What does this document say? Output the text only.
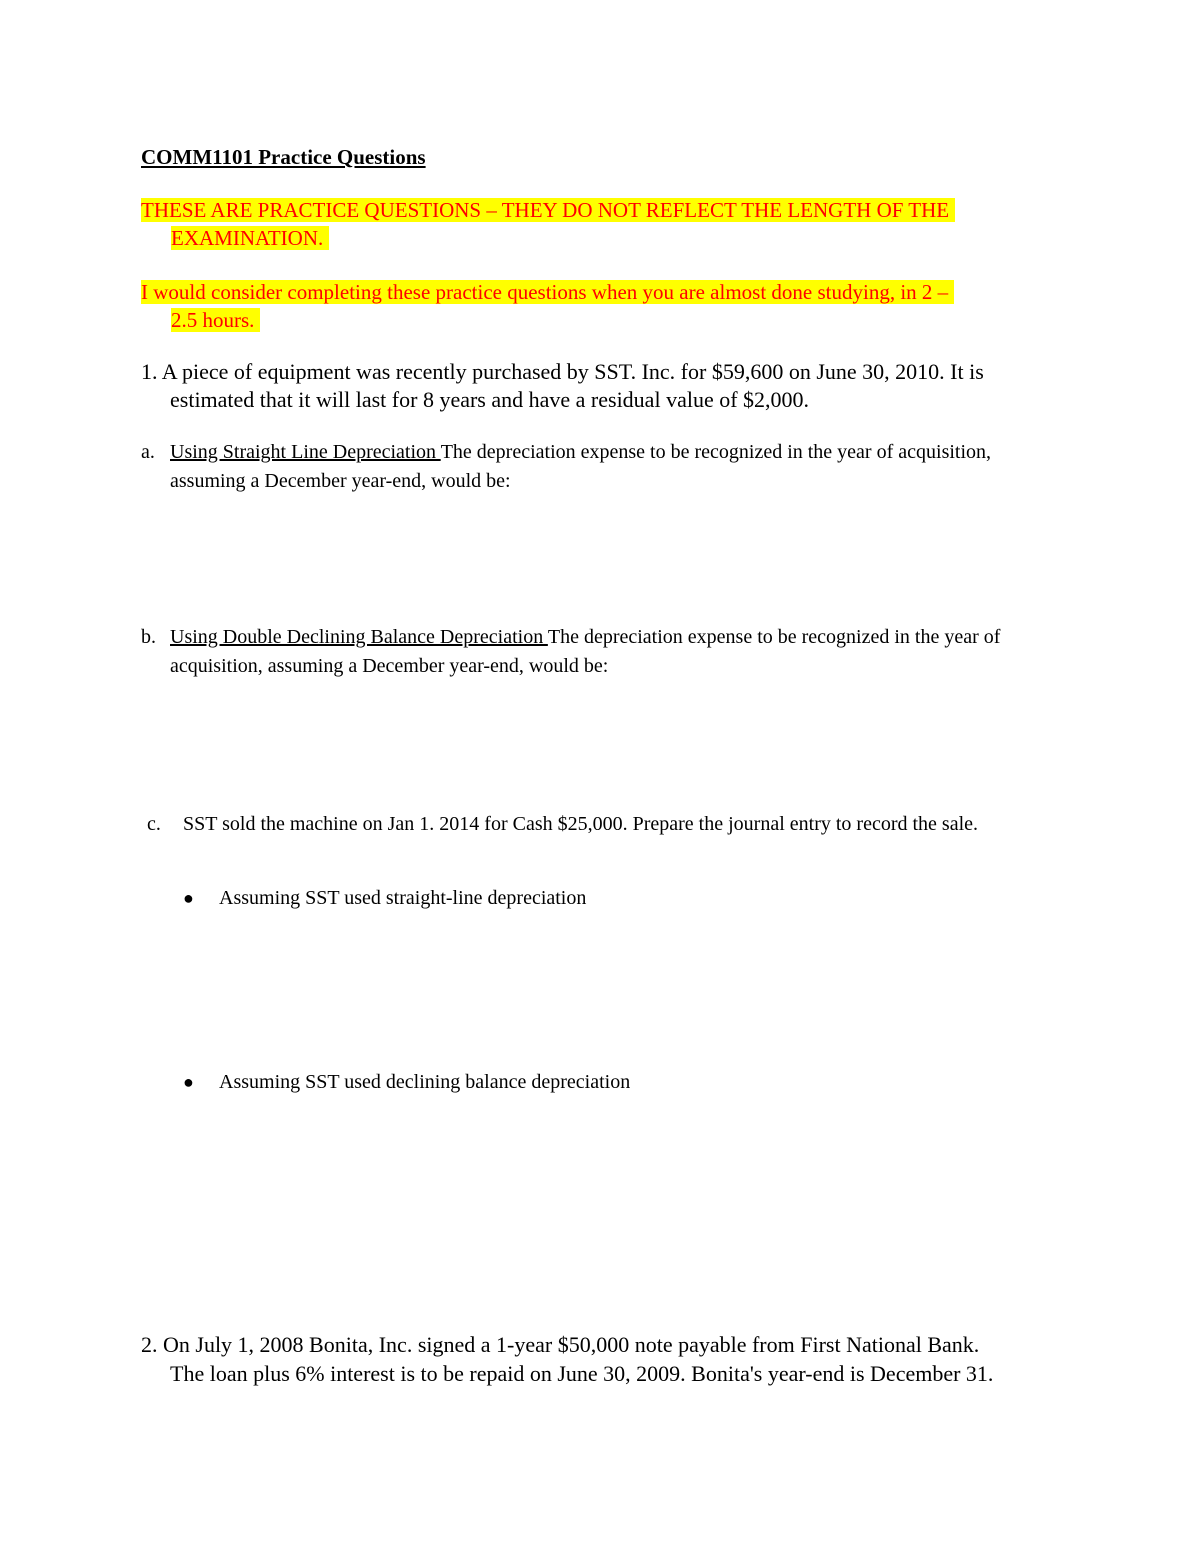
COMM1101 Practice Questions
THESE ARE PRACTICE QUESTIONS – THEY DO NOT REFLECT THE LENGTH OF THE
EXAMINATION.
I would consider completing these practice questions when you are almost done studying, in 2 –
2.5 hours.
1. A piece of equipment was recently purchased by SST. Inc. for $59,600 on June 30, 2010. It is
estimated that it will last for 8 years and have a residual value of $2,000.
a. Using Straight Line Depreciation The depreciation expense to be recognized in the year of acquisition, assuming a December year-end, would be:
b. Using Double Declining Balance Depreciation The depreciation expense to be recognized in the year of acquisition, assuming a December year-end, would be:
c. SST sold the machine on Jan 1. 2014 for Cash $25,000. Prepare the journal entry to record the sale.
● Assuming SST used straight-line depreciation
● Assuming SST used declining balance depreciation
2. On July 1, 2008 Bonita, Inc. signed a 1-year $50,000 note payable from First National Bank.
The loan plus 6% interest is to be repaid on June 30, 2009. Bonita's year-end is December 31.
